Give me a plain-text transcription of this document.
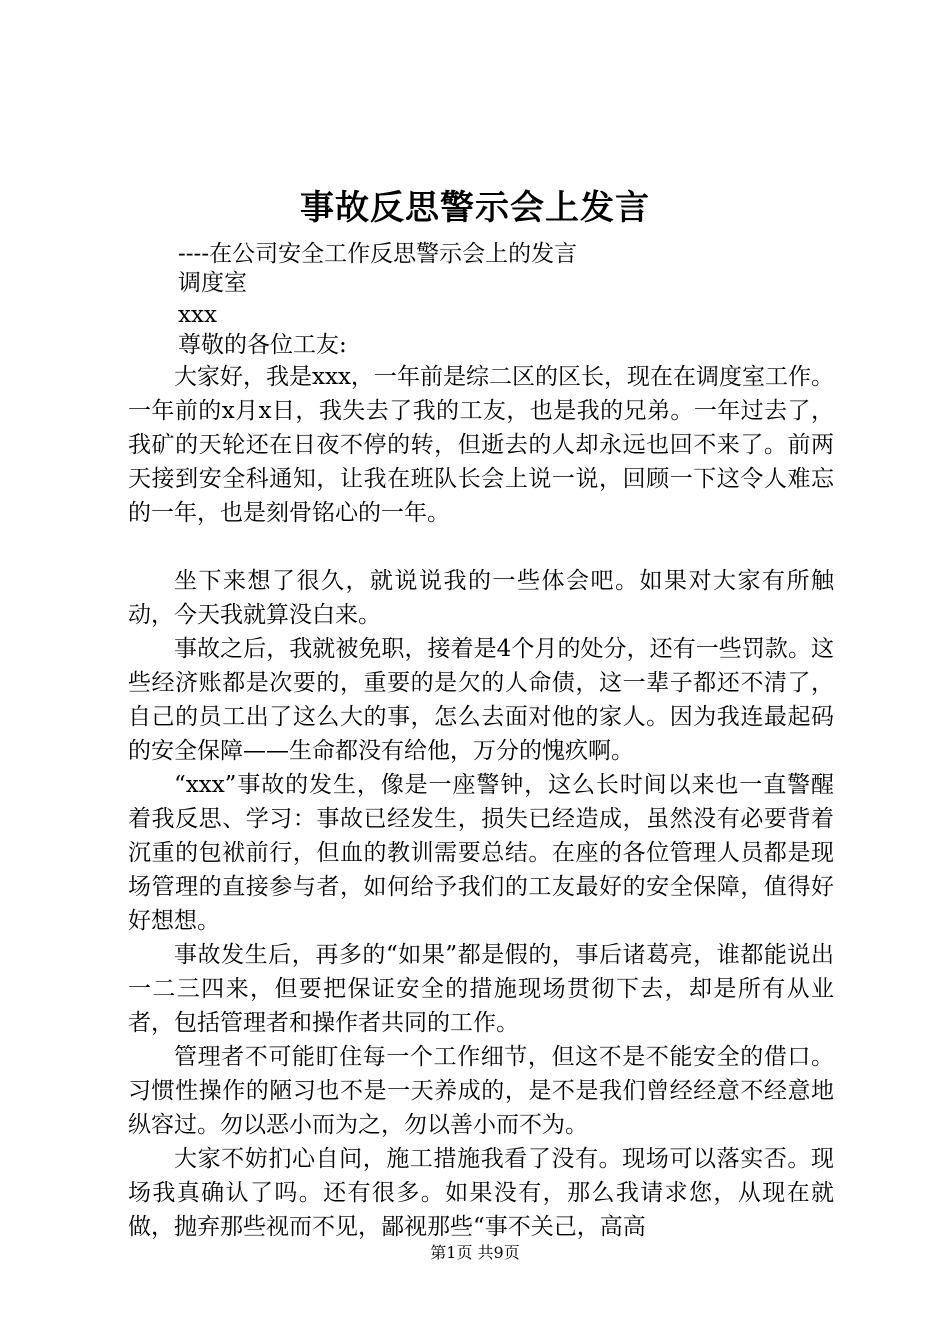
事故反思警示会上发言
----在公司安全工作反思警示会上的发言
调度室
xxx
尊敬的各位工友:

大家好，我是xxx，一年前是综二区的区长，现在在调度室工作。一年前的x月x日，我失去了我的工友，也是我的兄弟。一年过去了，我矿的天轮还在日夜不停的转，但逝去的人却永远也回不来了。前两天接到安全科通知，让我在班队长会上说一说，回顾一下这令人难忘的一年，也是刻骨铭心的一年。

坐下来想了很久，就说说我的一些体会吧。如果对大家有所触动，今天我就算没白来。

事故之后，我就被免职，接着是4个月的处分，还有一些罚款。这些经济账都是次要的，重要的是欠的人命债，这一辈子都还不清了，自己的员工出了这么大的事，怎么去面对他的家人。因为我连最起码的安全保障——生命都没有给他，万分的愧疚啊。

“xxx”事故的发生，像是一座警钟，这么长时间以来也一直警醒着我反思、学习：事故已经发生，损失已经造成，虽然没有必要背着沉重的包袱前行，但血的教训需要总结。在座的各位管理人员都是现场管理的直接参与者，如何给予我们的工友最好的安全保障，值得好好想想。

事故发生后，再多的“如果”都是假的，事后诸葛亮，谁都能说出一二三四来，但要把保证安全的措施现场贯彻下去，却是所有从业者，包括管理者和操作者共同的工作。

管理者不可能盯住每一个工作细节，但这不是不能安全的借口。习惯性操作的陋习也不是一天养成的，是不是我们曾经经意不经意地纵容过。勿以恶小而为之，勿以善小而不为。

大家不妨扪心自问，施工措施我看了没有。现场可以落实否。现场我真确认了吗。还有很多。如果没有，那么我请求您，从现在就做，抛弃那些视而不见，鄙视那些“事不关己，高高

第1页 共9页
